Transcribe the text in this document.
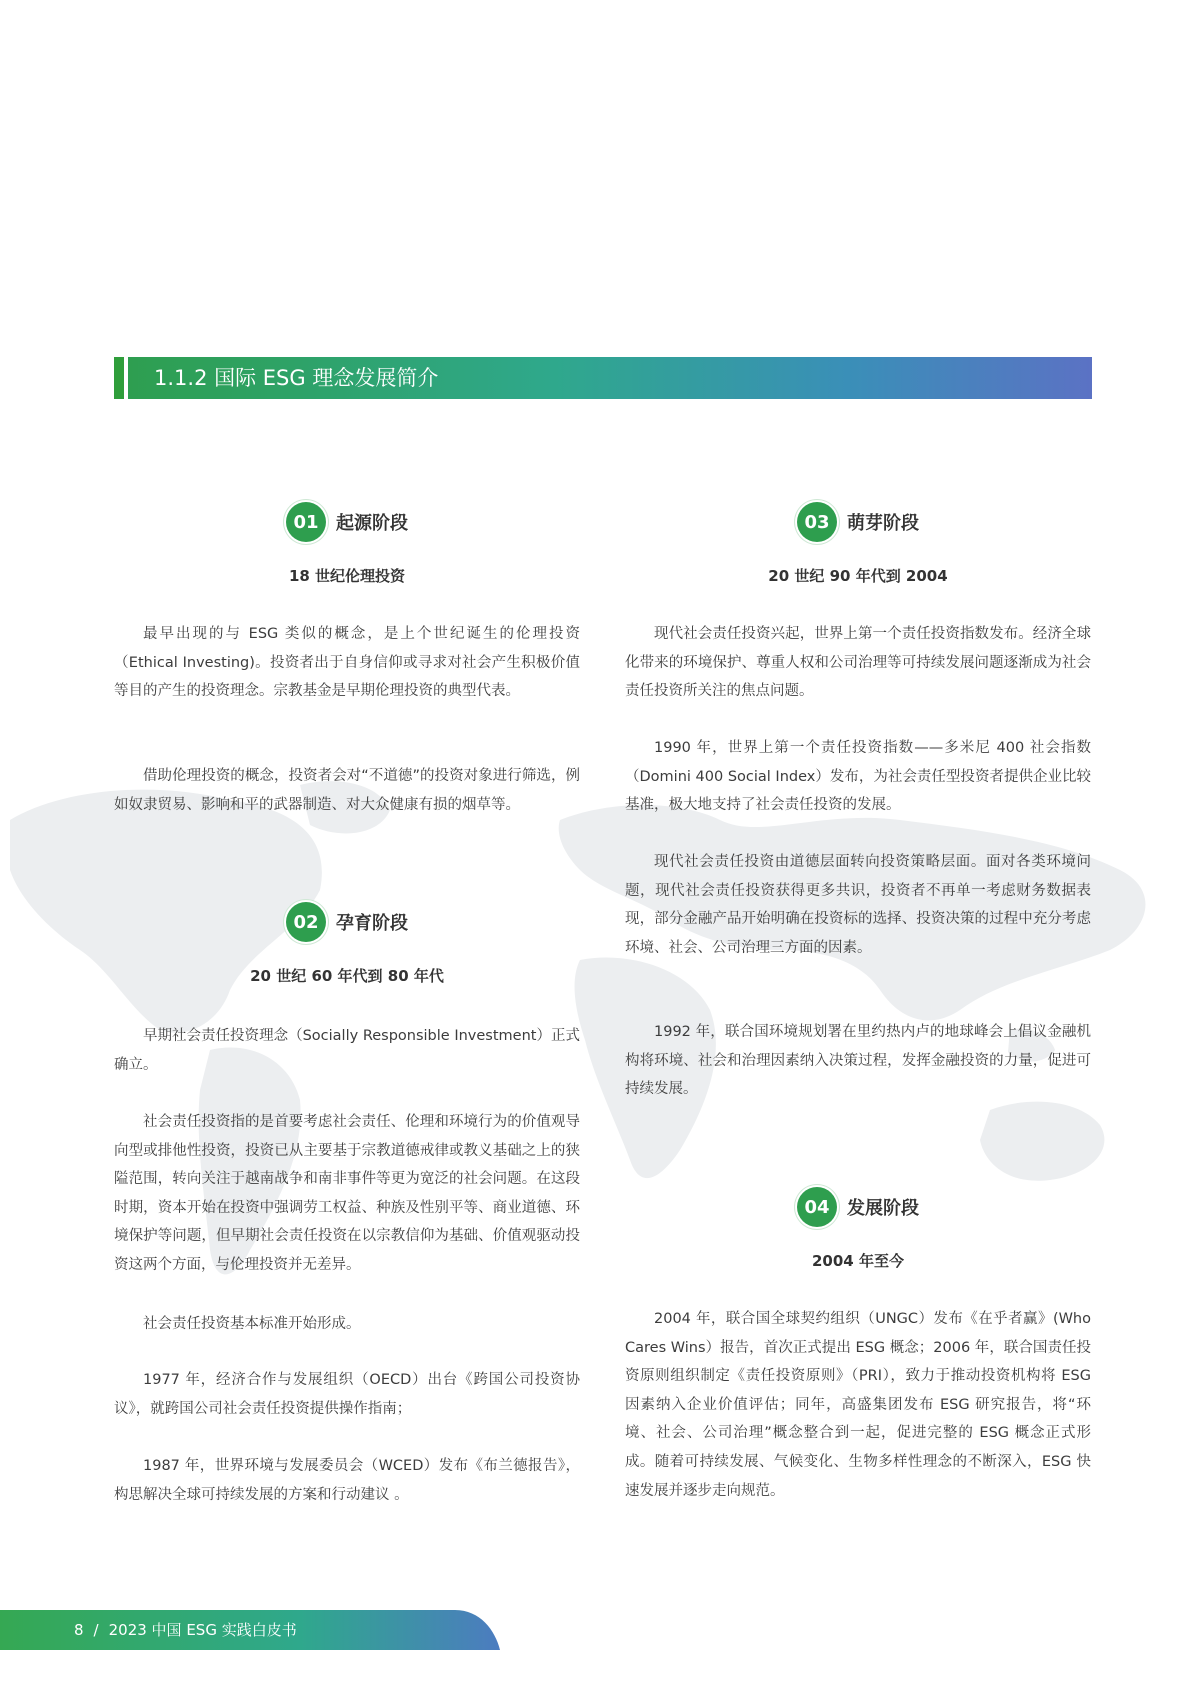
1.1.2 国际 ESG 理念发展简介
01 起源阶段
18 世纪伦理投资

最早出现的与 ESG 类似的概念，是上个世纪诞生的伦理投资（Ethical Investing)。投资者出于自身信仰或寻求对社会产生积极价值等目的产生的投资理念。宗教基金是早期伦理投资的典型代表。

借助伦理投资的概念，投资者会对“不道德”的投资对象进行筛选，例如奴隶贸易、影响和平的武器制造、对大众健康有损的烟草等。

02 孕育阶段
20 世纪 60 年代到 80 年代

早期社会责任投资理念（Socially Responsible Investment）正式确立。

社会责任投资指的是首要考虑社会责任、伦理和环境行为的价值观导向型或排他性投资，投资已从主要基于宗教道德戒律或教义基础之上的狭隘范围，转向关注于越南战争和南非事件等更为宽泛的社会问题。在这段时期，资本开始在投资中强调劳工权益、种族及性别平等、商业道德、环境保护等问题，但早期社会责任投资在以宗教信仰为基础、价值观驱动投资这两个方面，与伦理投资并无差异。

社会责任投资基本标准开始形成。

1977 年，经济合作与发展组织（OECD）出台《跨国公司投资协议》，就跨国公司社会责任投资提供操作指南；

1987 年，世界环境与发展委员会（WCED）发布《布兰德报告》，构思解决全球可持续发展的方案和行动建议 。

03 萌芽阶段
20 世纪 90 年代到 2004

现代社会责任投资兴起，世界上第一个责任投资指数发布。经济全球化带来的环境保护、尊重人权和公司治理等可持续发展问题逐渐成为社会责任投资所关注的焦点问题。

1990 年，世界上第一个责任投资指数——多米尼 400 社会指数（Domini 400 Social Index）发布，为社会责任型投资者提供企业比较基准，极大地支持了社会责任投资的发展。

现代社会责任投资由道德层面转向投资策略层面。面对各类环境问题，现代社会责任投资获得更多共识，投资者不再单一考虑财务数据表现，部分金融产品开始明确在投资标的选择、投资决策的过程中充分考虑环境、社会、公司治理三方面的因素。

1992 年，联合国环境规划署在里约热内卢的地球峰会上倡议金融机构将环境、社会和治理因素纳入决策过程，发挥金融投资的力量，促进可持续发展。

04 发展阶段
2004 年至今

2004 年，联合国全球契约组织（UNGC）发布《在乎者赢》(Who Cares Wins）报告，首次正式提出 ESG 概念；2006 年，联合国责任投资原则组织制定《责任投资原则》（PRI），致力于推动投资机构将 ESG 因素纳入企业价值评估；同年，高盛集团发布 ESG 研究报告，将“环境、社会、公司治理”概念整合到一起，促进完整的 ESG 概念正式形成。随着可持续发展、气候变化、生物多样性理念的不断深入，ESG 快速发展并逐步走向规范。

8 / 2023 中国 ESG 实践白皮书
